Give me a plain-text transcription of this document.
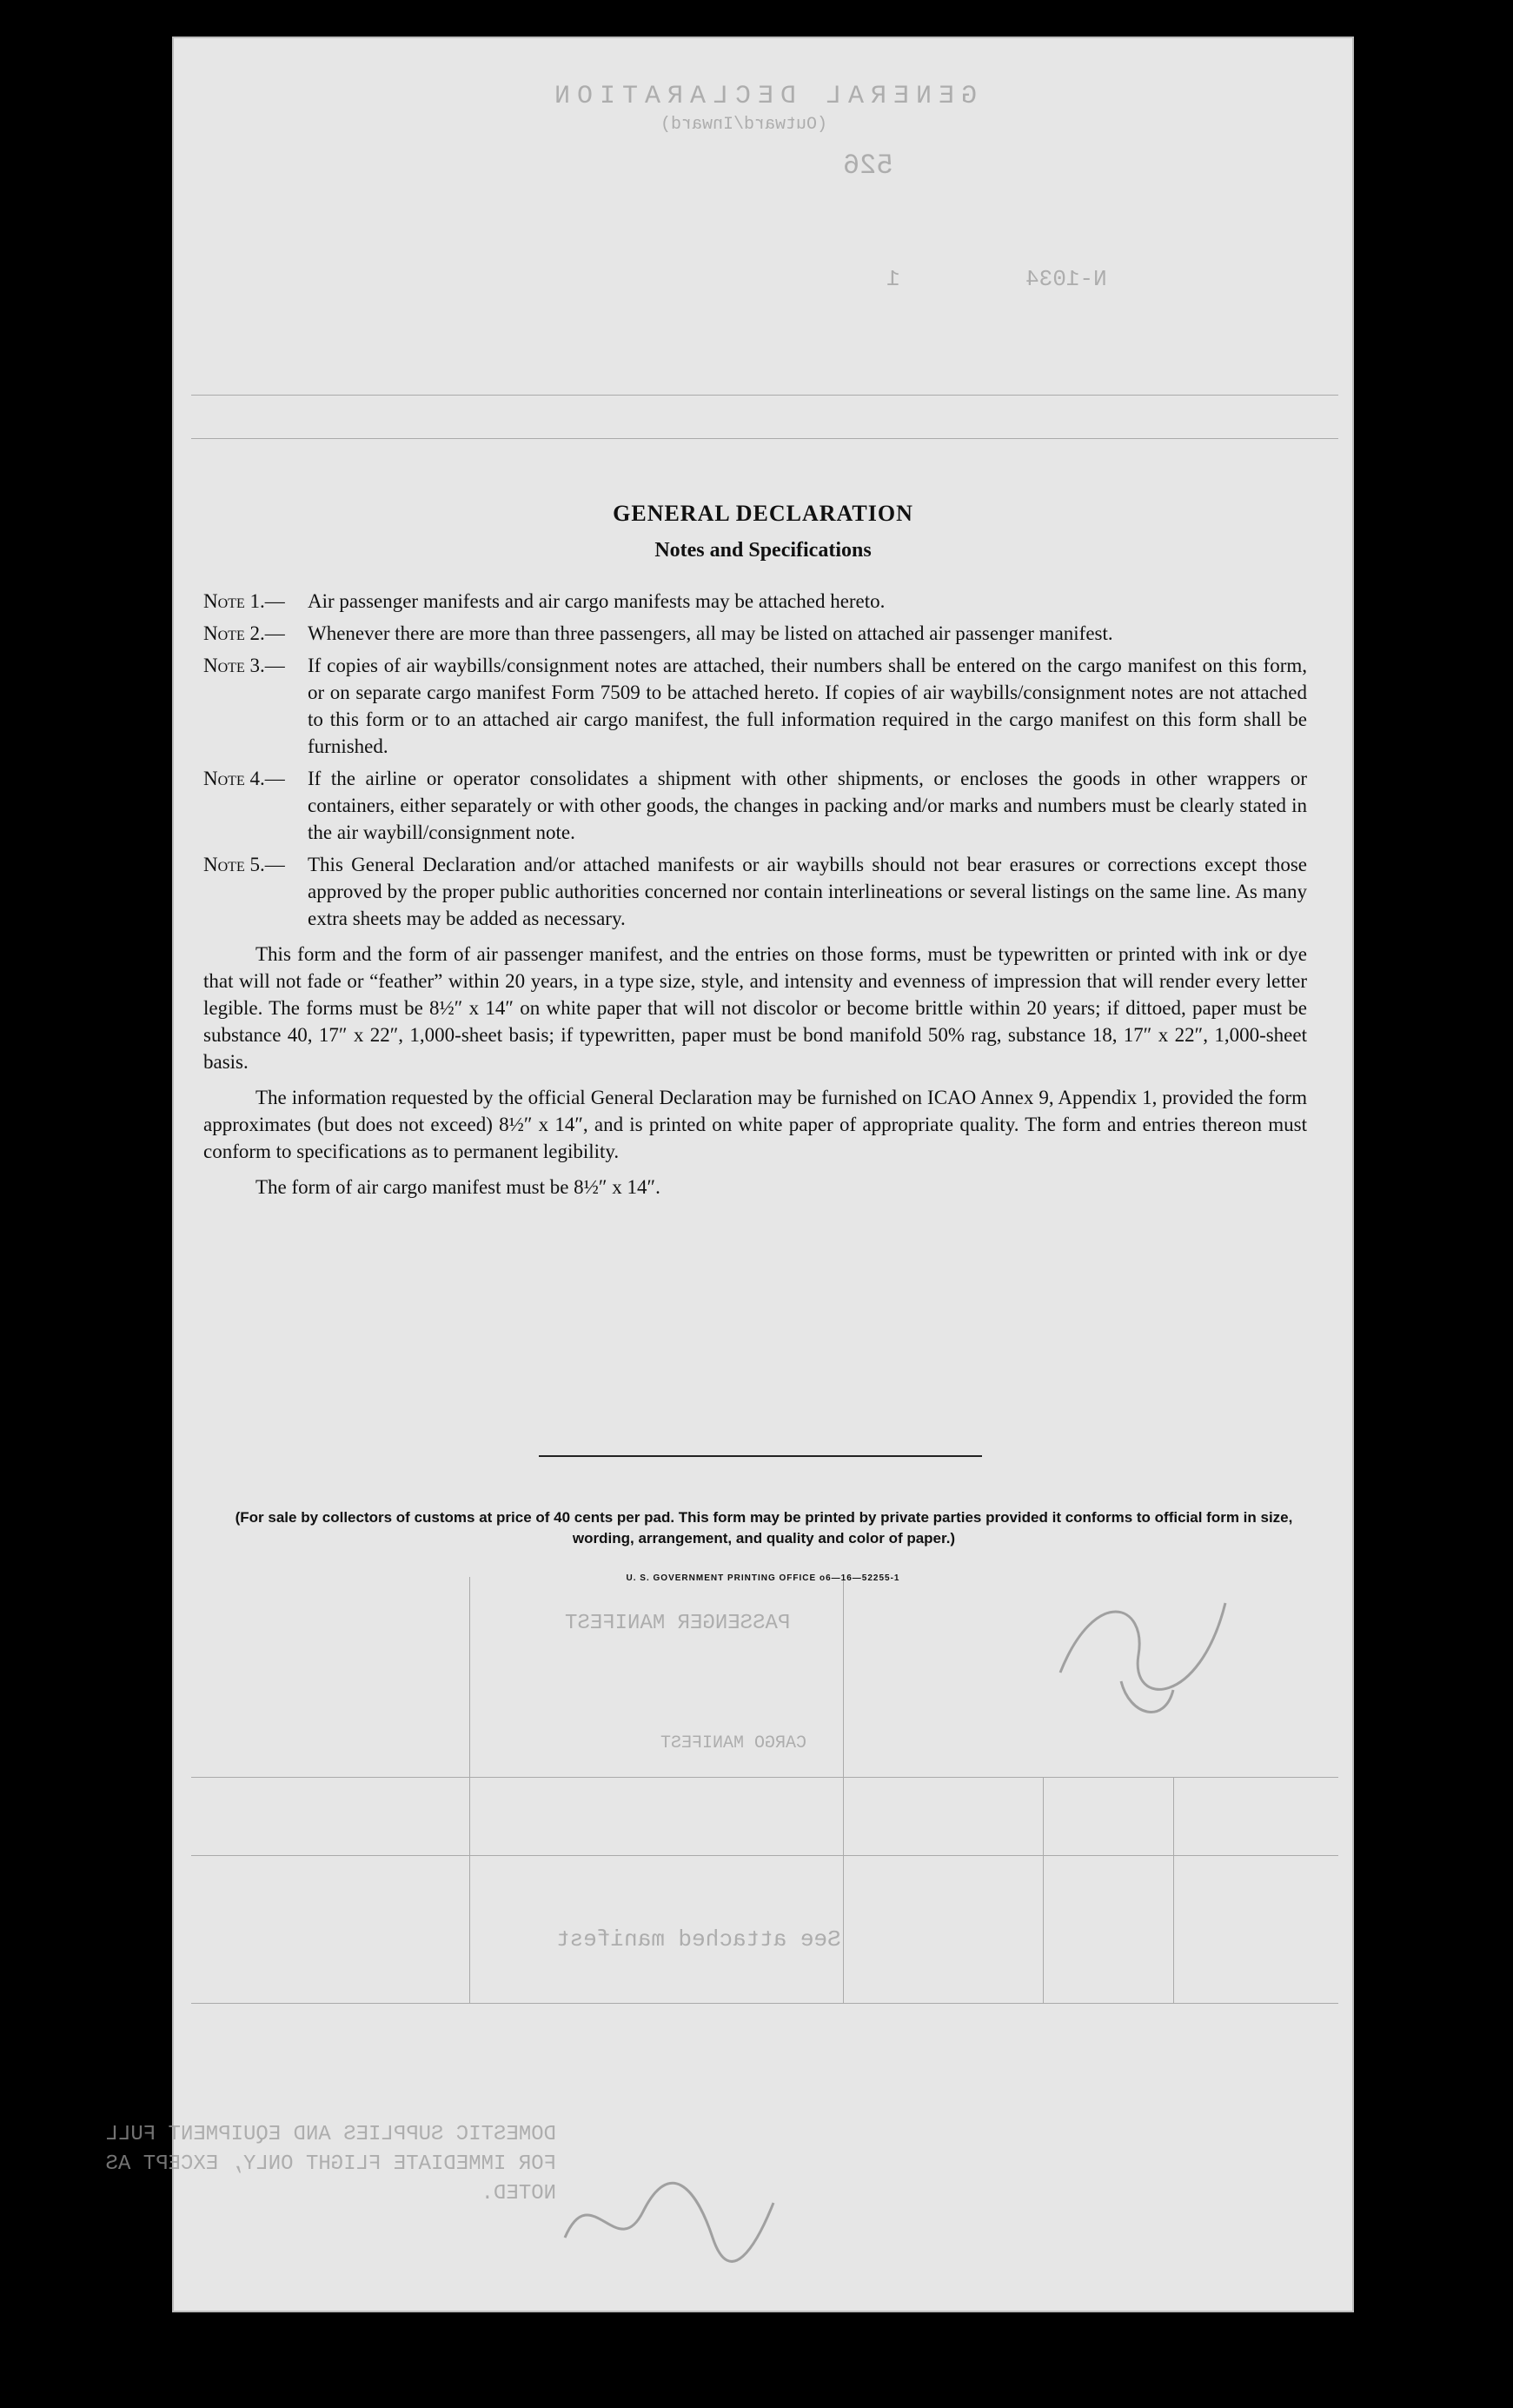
GENERAL DECLARATION
(Outward/Inward)
526
1	N-1034
PASSENGER MANIFEST
CARGO MANIFEST
See attached manifest
DOMESTIC SUPPLIES AND EQUIPMENT FULL FOR IMMEDIATE FLIGHT ONLY, EXCEPT AS NOTED.
GENERAL DECLARATION
Notes and Specifications
Note 1.—	Air passenger manifests and air cargo manifests may be attached hereto.
Note 2.—	Whenever there are more than three passengers, all may be listed on attached air passenger manifest.
Note 3.—	If copies of air waybills/consignment notes are attached, their numbers shall be entered on the cargo manifest on this form, or on separate cargo manifest Form 7509 to be attached hereto. If copies of air waybills/consignment notes are not attached to this form or to an attached air cargo manifest, the full information required in the cargo manifest on this form shall be furnished.
Note 4.—	If the airline or operator consolidates a shipment with other shipments, or encloses the goods in other wrappers or containers, either separately or with other goods, the changes in packing and/or marks and numbers must be clearly stated in the air waybill/consignment note.
Note 5.—	This General Declaration and/or attached manifests or air waybills should not bear erasures or corrections except those approved by the proper public authorities concerned nor contain interlineations or several listings on the same line. As many extra sheets may be added as necessary.
This form and the form of air passenger manifest, and the entries on those forms, must be typewritten or printed with ink or dye that will not fade or “feather” within 20 years, in a type size, style, and intensity and evenness of impression that will render every letter legible. The forms must be 8½″ x 14″ on white paper that will not discolor or become brittle within 20 years; if dittoed, paper must be substance 40, 17″ x 22″, 1,000-sheet basis; if typewritten, paper must be bond manifold 50% rag, substance 18, 17″ x 22″, 1,000-sheet basis.
The information requested by the official General Declaration may be furnished on ICAO Annex 9, Appendix 1, provided the form approximates (but does not exceed) 8½″ x 14″, and is printed on white paper of appropriate quality. The form and entries thereon must conform to specifications as to permanent legibility.
The form of air cargo manifest must be 8½″ x 14″.
(For sale by collectors of customs at price of 40 cents per pad. This form may be printed by private parties provided it conforms to official form in size, wording, arrangement, and quality and color of paper.)
U. S. GOVERNMENT PRINTING OFFICE o6—16—52255-1
